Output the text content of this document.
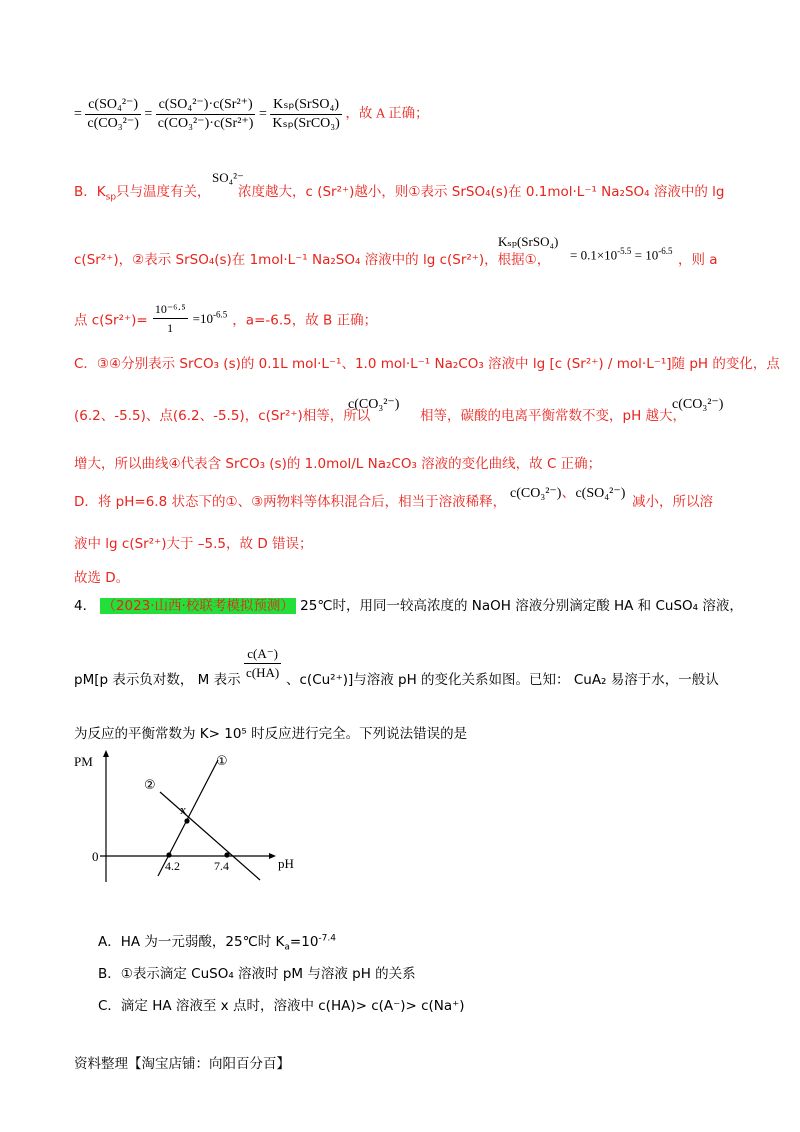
= $\frac{\text{c(SO₄²⁻)}}{\text{c(CO₃²⁻)}} = \frac{\text{c(SO₄²⁻)·c(Sr²⁺)}}{\text{c(CO₃²⁻)·c(Sr²⁺)}} = \frac{\text{Kₛₚ(SrSO₄)}}{\text{Kₛₚ(SrCO₃)}}$ ，故 A 正确；
B．$K_{sp}$只与温度有关，
SO₄²⁻
浓度越大，c (Sr²⁺)越小，则①表示 SrSO₄(s)在 0.1mol·L⁻¹ Na₂SO₄ 溶液中的 lg
c(Sr²⁺)，②表示 SrSO₄(s)在 1mol·L⁻¹ Na₂SO₄ 溶液中的 lg c(Sr²⁺)，根据①，
Kₛₚ(SrSO₄)
= $0.1\times 10^{-5.5} = 10^{-6.5}$
，则 a
点 $c(Sr^{2+})= \frac{\text{10⁻⁶·⁵}}{1} =10^{-6.5}$ ，a=-6.5，故 B 正确；
C．③④分别表示 SrCO₃ (s)的 0.1L mol·L⁻¹、1.0 mol·L⁻¹ Na₂CO₃ 溶液中 lg [c (Sr²⁺) / mol·L⁻¹]随 pH 的变化，点
(6.2、-5.5)、点(6.2、-5.5)，c(Sr²⁺)相等，所以
c(CO₃²⁻)
相等，碳酸的电离平衡常数不变，pH 越大，
c(CO₃²⁻)
增大，所以曲线④代表含 SrCO₃ (s)的 1.0mol/L Na₂CO₃ 溶液的变化曲线，故 C 正确；
D．将 pH=6.8 状态下的①、③两物料等体积混合后，相当于溶液稀释，
c(CO₃²⁻)、c(SO₄²⁻)
减小，所以溶
液中 lg c(Sr²⁺)大于 –5.5，故 D 错误；
故选 D。
4． （2023·山西·校联考模拟预测） 25℃时，用同一较高浓度的 NaOH 溶液分别滴定酸 HA 和 CuSO₄ 溶液，
pM[p 表示负对数， M 表示 $\frac{c(A^-)}{c(HA)}$ 、c(Cu²⁺)]与溶液 pH 的变化关系如图。已知： CuA₂ 易溶于水，一般认
为反应的平衡常数为 K> 10⁵ 时反应进行完全。下列说法错误的是
PM
pH
0
①
②
x
4.2	7.4
A．HA 为一元弱酸，25℃时 $K_a=10^{-7.4}$
B．①表示滴定 CuSO₄ 溶液时 pM 与溶液 pH 的关系
C．滴定 HA 溶液至 x 点时，溶液中 c(HA)> c(A⁻)> c(Na⁺)
资料整理【淘宝店铺：向阳百分百】
